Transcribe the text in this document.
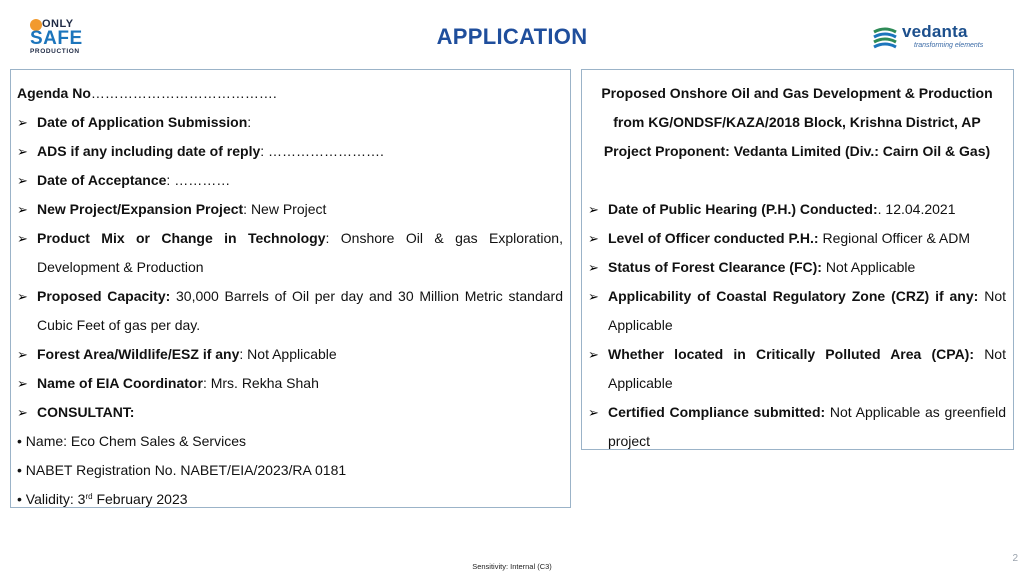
ONLY
SAFE
PRODUCTION
APPLICATION	vedanta
transforming elements
Agenda No………………………………….
➢ Date of Application Submission:
➢ ADS if any including date of reply: …………………….
➢ Date of Acceptance: …………
➢ New Project/Expansion Project: New Project
➢ Product Mix or Change in Technology: Onshore Oil & gas Exploration, Development & Production
➢ Proposed Capacity: 30,000 Barrels of Oil per day and 30 Million Metric standard Cubic Feet of gas per day.
➢ Forest Area/Wildlife/ESZ if any: Not Applicable
➢ Name of EIA Coordinator: Mrs. Rekha Shah
➢ CONSULTANT:
• Name: Eco Chem Sales & Services
• NABET Registration No. NABET/EIA/2023/RA 0181
• Validity: 3rd February 2023
Proposed Onshore Oil and Gas Development & Production
from KG/ONDSF/KAZA/2018 Block, Krishna District, AP
Project Proponent: Vedanta Limited (Div.: Cairn Oil & Gas)
➢ Date of Public Hearing (P.H.) Conducted:. 12.04.2021
➢ Level of Officer conducted P.H.: Regional Officer & ADM
➢ Status of Forest Clearance (FC): Not Applicable
➢ Applicability of Coastal Regulatory Zone (CRZ) if any: Not Applicable
➢ Whether located in Critically Polluted Area (CPA): Not Applicable
➢ Certified Compliance submitted: Not Applicable as greenfield project
Sensitivity: Internal (C3)
2
